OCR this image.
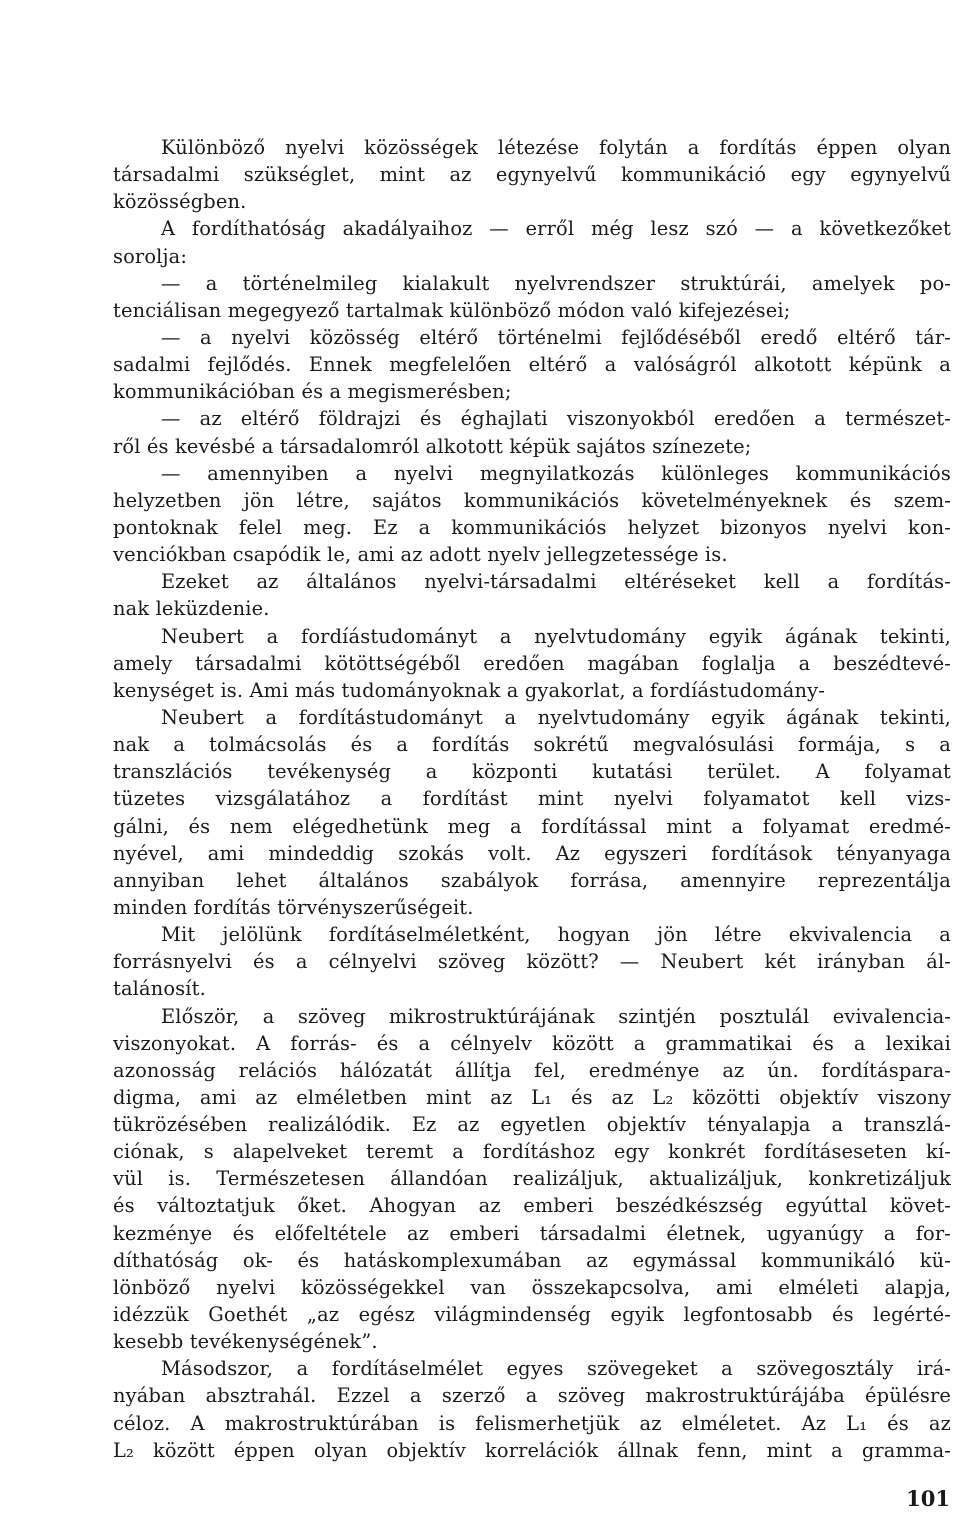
Különböző nyelvi közösségek létezése folytán a fordítás éppen olyan
társadalmi szükséglet, mint az egynyelvű kommunikáció egy egynyelvű
közösségben.
A fordíthatóság akadályaihoz — erről még lesz szó — a következőket
sorolja:
— a történelmileg kialakult nyelvrendszer struktúrái, amelyek po-
tenciálisan megegyező tartalmak különböző módon való kifejezései;
— a nyelvi közösség eltérő történelmi fejlődéséből eredő eltérő tár-
sadalmi fejlődés. Ennek megfelelően eltérő a valóságról alkotott képünk a
kommunikációban és a megismerésben;
— az eltérő földrajzi és éghajlati viszonyokból eredően a természet-
ről és kevésbé a társadalomról alkotott képük sajátos színezete;
— amennyiben a nyelvi megnyilatkozás különleges kommunikációs
helyzetben jön létre, sajátos kommunikációs követelményeknek és szem-
pontoknak felel meg. Ez a kommunikációs helyzet bizonyos nyelvi kon-
venciókban csapódik le, ami az adott nyelv jellegzetessége is.
Ezeket az általános nyelvi-társadalmi eltéréseket kell a fordítás-
nak leküzdenie.
Neubert a fordíástudományt a nyelvtudomány egyik ágának tekinti,
amely társadalmi kötöttségéből eredően magában foglalja a beszédtevé-
kenységet is. Ami más tudományoknak a gyakorlat, a fordíástudomány-
Neubert a fordítástudományt a nyelvtudomány egyik ágának tekinti,
nak a tolmácsolás és a fordítás sokrétű megvalósulási formája, s a
transzlációs tevékenység a központi kutatási terület. A folyamat
tüzetes vizsgálatához a fordítást mint nyelvi folyamatot kell vizs-
gálni, és nem elégedhetünk meg a fordítással mint a folyamat eredmé-
nyével, ami mindeddig szokás volt. Az egyszeri fordítások tényanyaga
annyiban lehet általános szabályok forrása, amennyire reprezentálja
minden fordítás törvényszerűségeit.
Mit jelölünk fordításelméletként, hogyan jön létre ekvivalencia a
forrásnyelvi és a célnyelvi szöveg között? — Neubert két irányban ál-
talánosít.
Először, a szöveg mikrostruktúrájának szintjén posztulál evivalencia-
viszonyokat. A forrás- és a célnyelv között a grammatikai és a lexikai
azonosság relációs hálózatát állítja fel, eredménye az ún. fordításpara-
digma, ami az elméletben mint az L₁ és az L₂ közötti objektív viszony
tükrözésében realizálódik. Ez az egyetlen objektív tényalapja a transzlá-
ciónak, s alapelveket teremt a fordításhoz egy konkrét fordításeseten kí-
vül is. Természetesen állandóan realizáljuk, aktualizáljuk, konkretizáljuk
és változtatjuk őket. Ahogyan az emberi beszédkészség egyúttal követ-
kezménye és előfeltétele az emberi társadalmi életnek, ugyanúgy a for-
díthatóság ok- és hatáskomplexumában az egymással kommunikáló kü-
lönböző nyelvi közösségekkel van összekapcsolva, ami elméleti alapja,
idézzük Goethét „az egész világmindenség egyik legfontosabb és legérté-
kesebb tevékenységének”.
Másodszor, a fordításelmélet egyes szövegeket a szövegosztály irá-
nyában absztrahál. Ezzel a szerző a szöveg makrostruktúrájába épülésre
céloz. A makrostruktúrában is felismerhetjük az elméletet. Az L₁ és az
L₂ között éppen olyan objektív korrelációk állnak fenn, mint a gramma-
101
